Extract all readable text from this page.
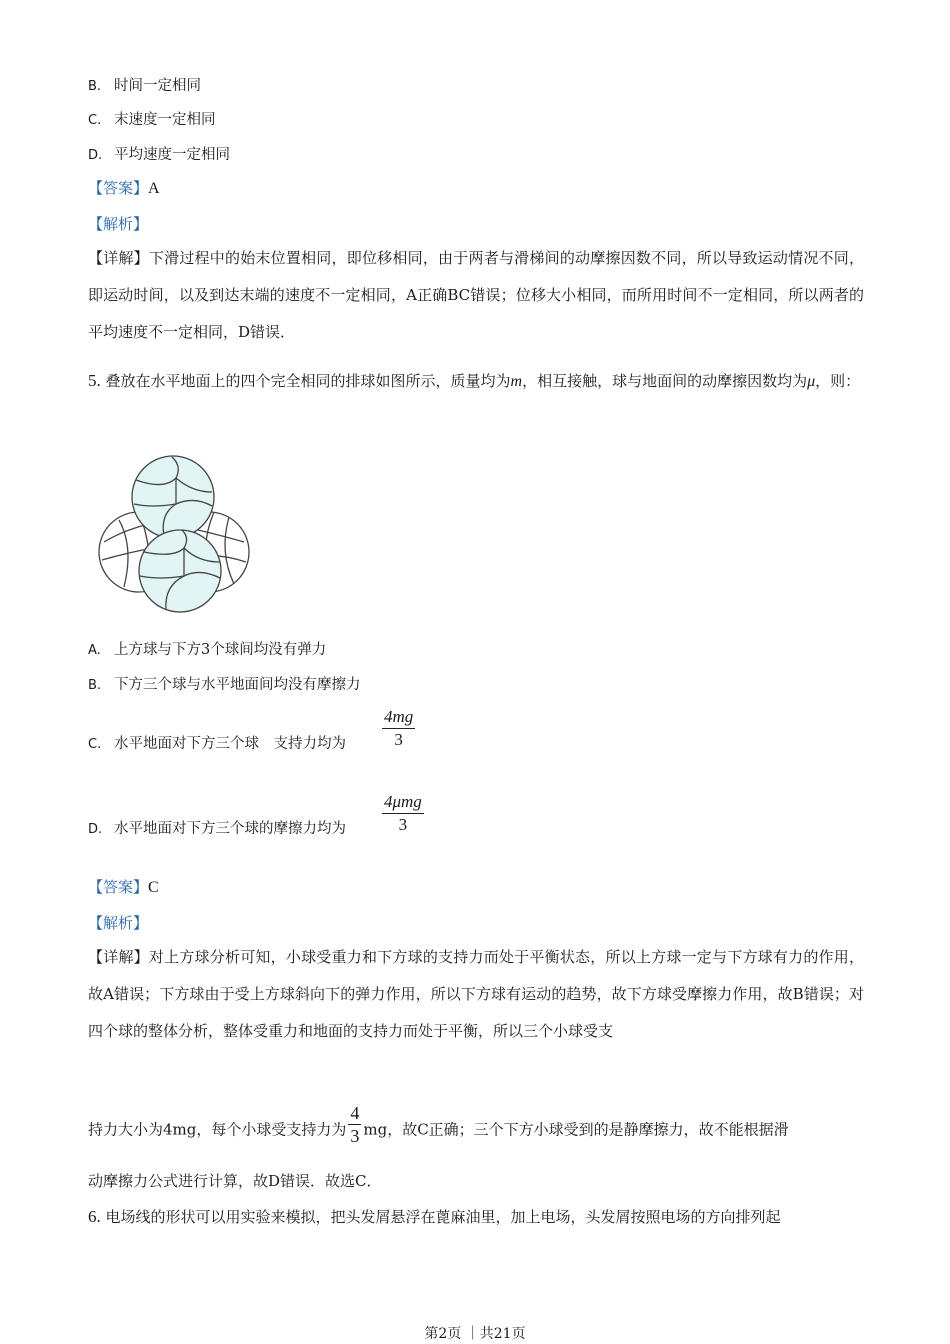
B. 时间一定相同
C. 末速度一定相同
D. 平均速度一定相同
【答案】A
【解析】
【详解】下滑过程中的始末位置相同，即位移相同，由于两者与滑梯间的动摩擦因数不同，所以导致运动情况不同，即运动时间，以及到达末端的速度不一定相同，A正确BC错误；位移大小相同，而所用时间不一定相同，所以两者的平均速度不一定相同，D错误．
5. 叠放在水平地面上的四个完全相同的排球如图所示，质量均为m，相互接触，球与地面间的动摩擦因数均为μ，则：
A. 上方球与下方3个球间均没有弹力
B. 下方三个球与水平地面间均没有摩擦力
C. 水平地面对下方三个球　支持力均为 $\frac{4mg}{3}$
D. 水平地面对下方三个球的摩擦力均为
4μmg
3
【答案】C
【解析】
【详解】对上方球分析可知，小球受重力和下方球的支持力而处于平衡状态，所以上方球一定与下方球有力的作用，故A错误；下方球由于受上方球斜向下的弹力作用，所以下方球有运动的趋势，故下方球受摩擦力作用，故B错误；对四个球的整体分析，整体受重力和地面的支持力而处于平衡，所以三个小球受支
持力大小为4mg，每个小球受支持力为 $\frac{4}{3}$ mg，故C正确；三个下方小球受到的是静摩擦力，故不能根据滑
动摩擦力公式进行计算，故D错误．故选C．
6. 电场线的形状可以用实验来模拟，把头发屑悬浮在蓖麻油里，加上电场，头发屑按照电场的方向排列起
第2页 ｜共21页
